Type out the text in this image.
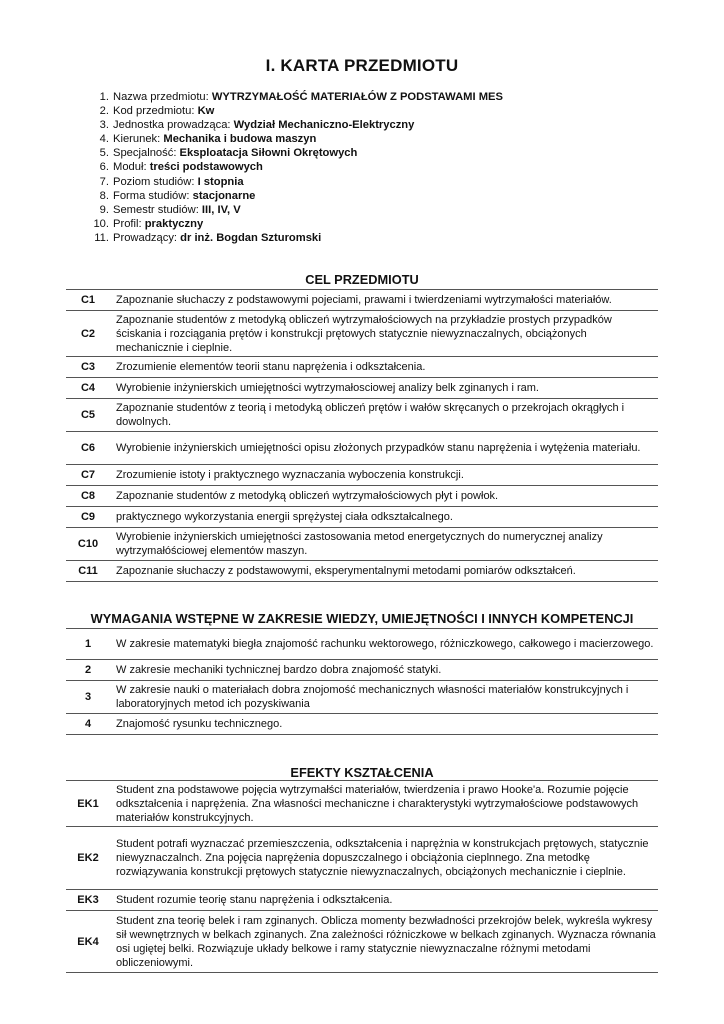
I. KARTA PRZEDMIOTU
1. Nazwa przedmiotu: WYTRZYMAŁOŚĆ MATERIAŁÓW Z PODSTAWAMI MES
2. Kod przedmiotu: Kw
3. Jednostka prowadząca: Wydział Mechaniczno-Elektryczny
4. Kierunek: Mechanika i budowa maszyn
5. Specjalność: Eksploatacja Siłowni Okrętowych
6. Moduł: treści podstawowych
7. Poziom studiów: I stopnia
8. Forma studiów: stacjonarne
9. Semestr studiów: III, IV, V
10. Profil: praktyczny
11. Prowadzący: dr inż. Bogdan Szturomski
CEL PRZEDMIOTU
C1	Zapoznanie słuchaczy z podstawowymi pojeciami, prawami i twierdzeniami wytrzymałości materiałów.
C2	Zapoznanie studentów z metodyką obliczeń wytrzymałościowych na przykładzie prostych przypadków ściskania i rozciągania prętów i konstrukcji prętowych statycznie niewyznaczalnych, obciążonych mechanicznie i cieplnie.
C3	Zrozumienie elementów teorii stanu naprężenia i odkształcenia.
C4	Wyrobienie inżynierskich umiejętności wytrzymałosciowej analizy belk zginanych i ram.
C5	Zapoznanie studentów z teorią i metodyką obliczeń prętów i wałów skręcanych o przekrojach okrągłych i dowolnych.
C6	Wyrobienie inżynierskich umiejętności opisu złożonych przypadków stanu naprężenia i wytężenia materiału.
C7	Zrozumienie istoty i praktycznego wyznaczania wyboczenia konstrukcji.
C8	Zapoznanie studentów z metodyką obliczeń wytrzymałościowych płyt i powłok.
C9	praktycznego wykorzystania energii sprężystej ciała odkształcalnego.
C10	Wyrobienie inżynierskich umiejętności zastosowania metod energetycznych do numerycznej analizy wytrzymałóściowej elementów maszyn.
C11	Zapoznanie słuchaczy z podstawowymi, eksperymentalnymi metodami pomiarów odkształceń.
WYMAGANIA WSTĘPNE W ZAKRESIE WIEDZY, UMIEJĘTNOŚCI I INNYCH KOMPETENCJI
1	W zakresie matematyki biegła znajomość rachunku wektorowego, różniczkowego, całkowego i macierzowego.
2	W zakresie mechaniki tychnicznej bardzo dobra znajomość statyki.
3	W zakresie nauki o materiałach dobra znojomość mechanicznych własności materiałów konstrukcyjnych i laboratoryjnych metod ich pozyskiwania
4	Znajomość rysunku technicznego.
EFEKTY KSZTAŁCENIA
EK1	Student zna podstawowe pojęcia wytrzymałści materiałów, twierdzenia i prawo Hooke'a. Rozumie pojęcie odkształcenia i naprężenia. Zna własności mechaniczne i charakterystyki wytrzymałościowe podstawowych materiałów konstrukcyjnych.
EK2	Student potrafi wyznaczać przemieszczenia, odkształcenia i naprężnia w konstrukcjach prętowych, statycznie niewyznaczalnch. Zna pojęcia naprężenia dopuszczalnego i obciążonia cieplnnego. Zna metodkę rozwiązywania konstrukcji prętowych statycznie niewyznaczalnych, obciążonych mechanicznie i cieplnie.
EK3	Student rozumie teorię stanu naprężenia i odkształcenia.
EK4	Student zna teorię belek i ram zginanych. Oblicza momenty bezwładności przekrojów belek, wykreśla wykresy sił wewnętrznych w belkach zginanych. Zna zależności różniczkowe w belkach zginanych. Wyznacza równania osi ugiętej belki. Rozwiązuje układy belkowe i ramy statycznie niewyznaczalne różnymi metodami obliczeniowymi.
